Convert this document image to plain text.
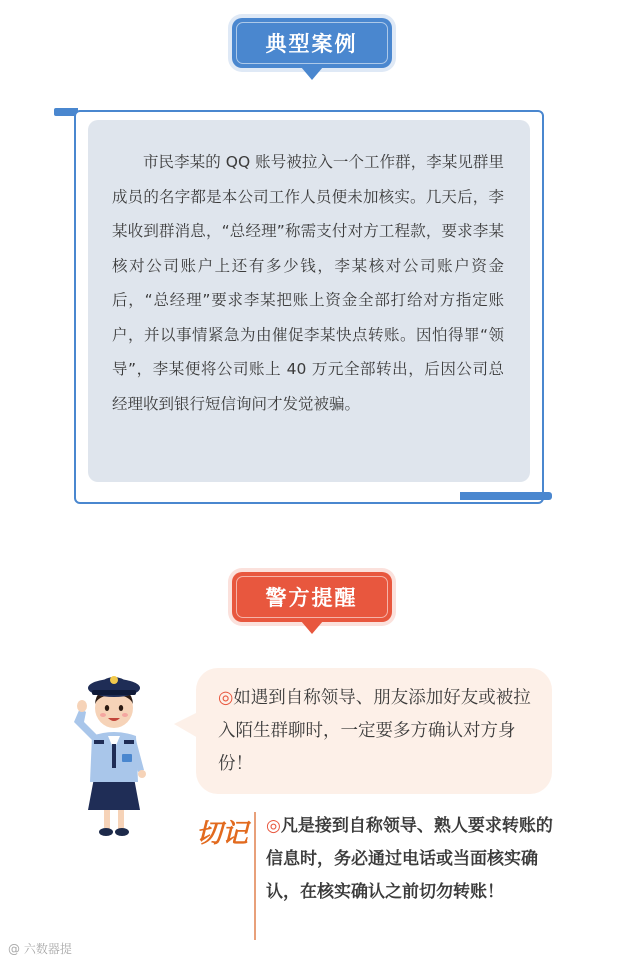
典型案例

市民李某的 QQ 账号被拉入一个工作群，李某见群里成员的名字都是本公司工作人员便未加核实。几天后，李某收到群消息，“总经理”称需支付对方工程款，要求李某核对公司账户上还有多少钱，李某核对公司账户资金后，“总经理”要求李某把账上资金全部打给对方指定账户，并以事情紧急为由催促李某快点转账。因怕得罪“领导”，李某便将公司账上 40 万元全部转出，后因公司总经理收到银行短信询问才发觉被骗。

警方提醒

◎如遇到自称领导、朋友添加好友或被拉入陌生群聊时，一定要多方确认对方身份！

切记 ◎凡是接到自称领导、熟人要求转账的信息时，务必通过电话或当面核实确认，在核实确认之前切勿转账！

@ 六数器提
